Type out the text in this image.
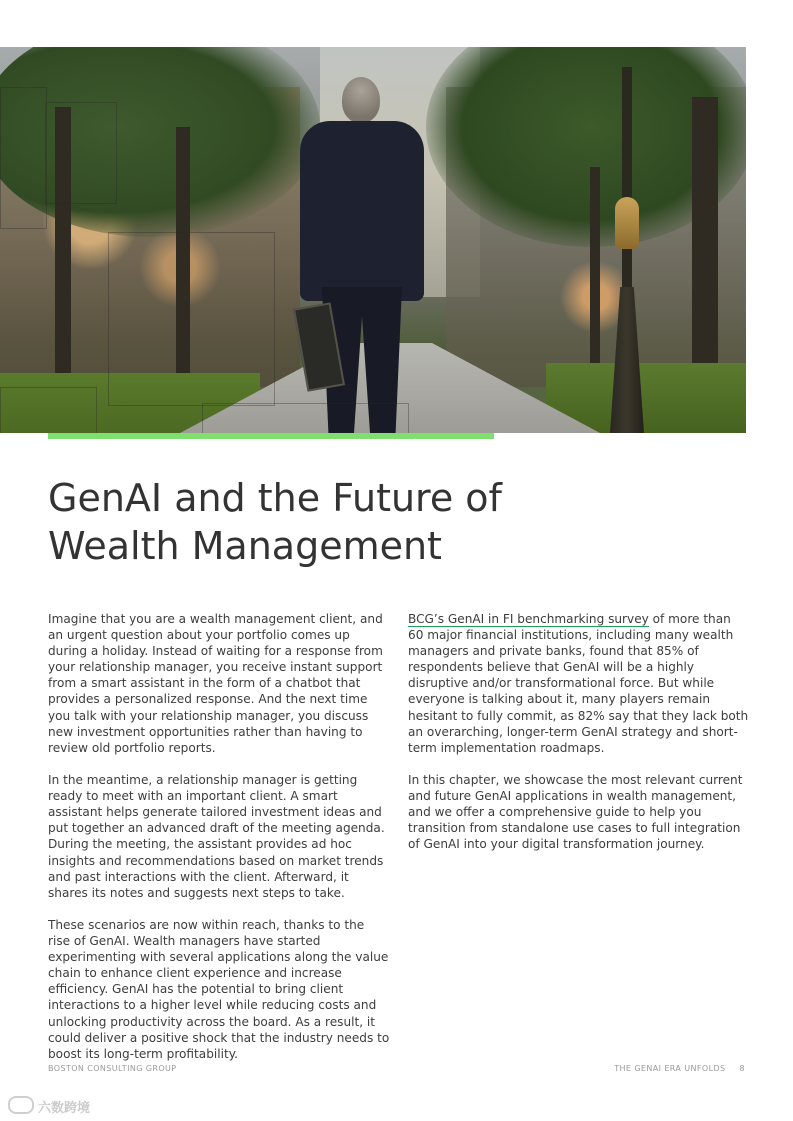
GenAI and the Future of
Wealth Management

Imagine that you are a wealth management client, and an urgent question about your portfolio comes up during a holiday. Instead of waiting for a response from your relationship manager, you receive instant support from a smart assistant in the form of a chatbot that provides a personalized response. And the next time you talk with your relationship manager, you discuss new investment opportunities rather than having to review old portfolio reports.

In the meantime, a relationship manager is getting ready to meet with an important client. A smart assistant helps generate tailored investment ideas and put together an advanced draft of the meeting agenda. During the meeting, the assistant provides ad hoc insights and recommendations based on market trends and past interactions with the client. Afterward, it shares its notes and suggests next steps to take.

These scenarios are now within reach, thanks to the rise of GenAI. Wealth managers have started experimenting with several applications along the value chain to enhance client experience and increase efficiency. GenAI has the potential to bring client interactions to a higher level while reducing costs and unlocking productivity across the board. As a result, it could deliver a positive shock that the industry needs to boost its long-term profitability.

BCG’s GenAI in FI benchmarking survey of more than 60 major financial institutions, including many wealth managers and private banks, found that 85% of respondents believe that GenAI will be a highly disruptive and/or transformational force. But while everyone is talking about it, many players remain hesitant to fully commit, as 82% say that they lack both an overarching, longer-term GenAI strategy and short-term implementation roadmaps.

In this chapter, we showcase the most relevant current and future GenAI applications in wealth management, and we offer a comprehensive guide to help you transition from standalone use cases to full integration of GenAI into your digital transformation journey.

BOSTON CONSULTING GROUP	THE GENAI ERA UNFOLDS 8
六数跨境
